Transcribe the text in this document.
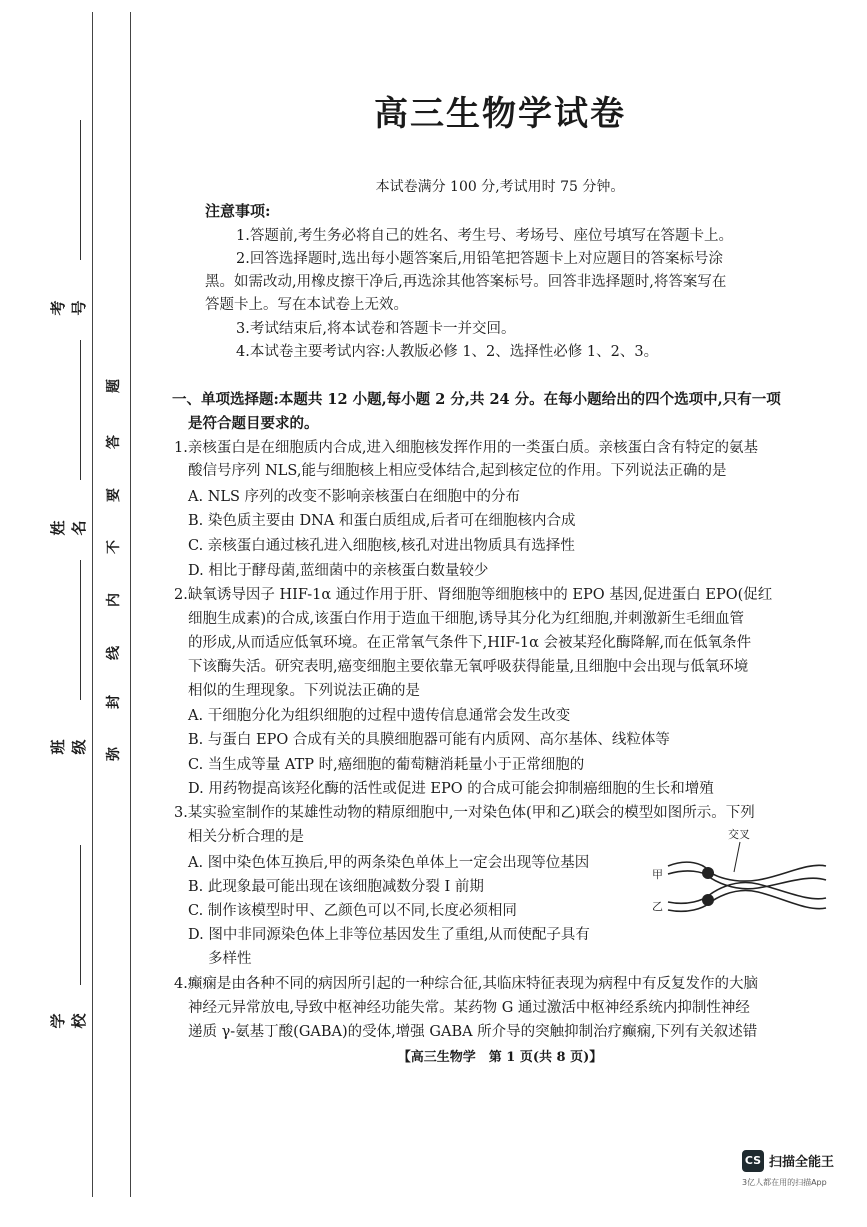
考号
姓名
班级
学校
题
答
要
不
内
线
封
弥
高三生物学试卷
本试卷满分 100 分,考试用时 75 分钟。
注意事项:
1.答题前,考生务必将自己的姓名、考生号、考场号、座位号填写在答题卡上。
2.回答选择题时,选出每小题答案后,用铅笔把答题卡上对应题目的答案标号涂
黑。如需改动,用橡皮擦干净后,再选涂其他答案标号。回答非选择题时,将答案写在
答题卡上。写在本试卷上无效。
3.考试结束后,将本试卷和答题卡一并交回。
4.本试卷主要考试内容:人教版必修 1、2、选择性必修 1、2、3。
一、单项选择题:本题共 12 小题,每小题 2 分,共 24 分。在每小题给出的四个选项中,只有一项
是符合题目要求的。
1.亲核蛋白是在细胞质内合成,进入细胞核发挥作用的一类蛋白质。亲核蛋白含有特定的氨基
酸信号序列 NLS,能与细胞核上相应受体结合,起到核定位的作用。下列说法正确的是
A. NLS 序列的改变不影响亲核蛋白在细胞中的分布
B. 染色质主要由 DNA 和蛋白质组成,后者可在细胞核内合成
C. 亲核蛋白通过核孔进入细胞核,核孔对进出物质具有选择性
D. 相比于酵母菌,蓝细菌中的亲核蛋白数量较少
2.缺氧诱导因子 HIF-1α 通过作用于肝、肾细胞等细胞核中的 EPO 基因,促进蛋白 EPO(促红
细胞生成素)的合成,该蛋白作用于造血干细胞,诱导其分化为红细胞,并刺激新生毛细血管
的形成,从而适应低氧环境。在正常氧气条件下,HIF-1α 会被某羟化酶降解,而在低氧条件
下该酶失活。研究表明,癌变细胞主要依靠无氧呼吸获得能量,且细胞中会出现与低氧环境
相似的生理现象。下列说法正确的是
A. 干细胞分化为组织细胞的过程中遗传信息通常会发生改变
B. 与蛋白 EPO 合成有关的具膜细胞器可能有内质网、高尔基体、线粒体等
C. 当生成等量 ATP 时,癌细胞的葡萄糖消耗量小于正常细胞的
D. 用药物提高该羟化酶的活性或促进 EPO 的合成可能会抑制癌细胞的生长和增殖
3.某实验室制作的某雄性动物的精原细胞中,一对染色体(甲和乙)联会的模型如图所示。下列
相关分析合理的是
A. 图中染色体互换后,甲的两条染色单体上一定会出现等位基因
B. 此现象最可能出现在该细胞减数分裂 Ⅰ 前期
C. 制作该模型时甲、乙颜色可以不同,长度必须相同
D. 图中非同源染色体上非等位基因发生了重组,从而使配子具有
多样性
4.癫痫是由各种不同的病因所引起的一种综合征,其临床特征表现为病程中有反复发作的大脑
神经元异常放电,导致中枢神经功能失常。某药物 G 通过激活中枢神经系统内抑制性神经
递质 γ-氨基丁酸(GABA)的受体,增强 GABA 所介导的突触抑制治疗癫痫,下列有关叙述错
【高三生物学　第 1 页(共 8 页)】
交叉
甲
乙
CS 扫描全能王
3亿人都在用的扫描App
